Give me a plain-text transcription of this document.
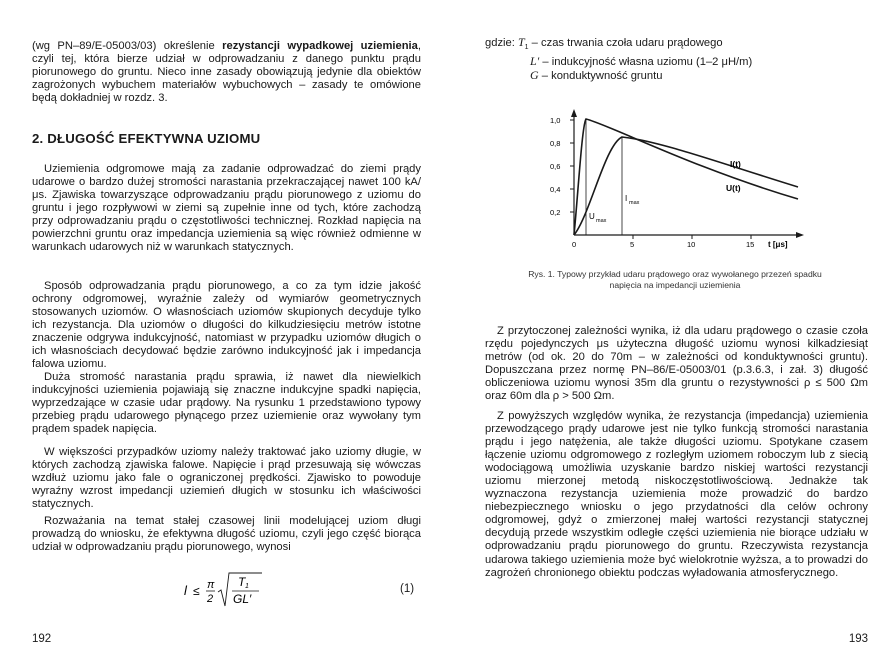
(wg PN–89/E-05003/03) określenie rezystancji wypadkowej uziemienia, czyli tej, która bierze udział w odprowadzaniu z danego punktu prądu piorunowego do gruntu. Nieco inne zasady obowiązują jedynie dla obiektów zagrożonych wybuchem materiałów wybuchowych – zasady te omówione będą dokładniej w rozdz. 3.

2. DŁUGOŚĆ EFEKTYWNA UZIOMU

Uziemienia odgromowe mają za zadanie odprowadzać do ziemi prądy udarowe o bardzo dużej stromości narastania przekraczającej nawet 100 kA/μs. Zjawiska towarzyszące odprowadzaniu prądu piorunowego z uziomu do gruntu i jego rozpływowi w ziemi są zupełnie inne od tych, które zachodzą przy odprowadzaniu prądu o częstotliwości technicznej. Rozkład napięcia na powierzchni gruntu oraz impedancja uziemienia są więc również odmienne w warunkach udarowych niż w warunkach statycznych.

Sposób odprowadzania prądu piorunowego, a co za tym idzie jakość ochrony odgromowej, wyraźnie zależy od wymiarów geometrycznych stosowanych uziomów. O własnościach uziomów skupionych decyduje tylko ich rezystancja. Dla uziomów o długości do kilkudziesięciu metrów istotne znaczenie odgrywa indukcyjność, natomiast w przypadku uziomów długich o ich własnościach decydować będzie zarówno indukcyjność jak i impedancja falowa uziomu.

Duża stromość narastania prądu sprawia, iż nawet dla niewielkich indukcyjności uziemienia pojawiają się znaczne indukcyjne spadki napięcia, wyprzedzające w czasie udar prądowy. Na rysunku 1 przedstawiono typowy przebieg prądu udarowego płynącego przez uziemienie oraz wywołany tym prądem spadek napięcia.

W większości przypadków uziomy należy traktować jako uziomy długie, w których zachodzą zjawiska falowe. Napięcie i prąd przesuwają się wówczas wzdłuż uziomu jako fale o ograniczonej prędkości. Zjawisko to powoduje wyraźny wzrost impedancji uziemień długich w stosunku ich właściwości statycznych.

Rozważania na temat stałej czasowej linii modelującej uziom długi prowadzą do wniosku, że efektywna długość uziomu, czyli jego część biorąca udział w odprowadzaniu prądu piorunowego, wynosi

l ≤ π
2
T 1
GL′
(1)
192
gdzie: $T_1$ – czas trwania czoła udaru prądowego
L′ – indukcyjność własna uziomu (1–2 μH/m)
G – konduktywność gruntu
1,0
0,8
0,6
0,4
0,2
0	5	10	15 t [μs]
I(t)
U(t)
U max
I max
Rys. 1. Typowy przykład udaru prądowego oraz wywołanego przezeń spadku napięcia na impedancji uziemienia

Z przytoczonej zależności wynika, iż dla udaru prądowego o czasie czoła rzędu pojedynczych μs użyteczna długość uziomu wynosi kilkadziesiąt metrów (od ok. 20 do 70m – w zależności od konduktywności gruntu). Dopuszczana przez normę PN–86/E-05003/01 (p.3.6.3, i zał. 3) długość obliczeniowa uziomu wynosi 35m dla gruntu o rezystywności ρ ≤ 500 Ωm oraz 60m dla ρ > 500 Ωm.

Z powyższych względów wynika, że rezystancja (impedancja) uziemienia przewodzącego prądy udarowe jest nie tylko funkcją stromości narastania prądu i jego natężenia, ale także długości uziomu. Spotykane czasem łączenie uziomu odgromowego z rozległym uziomem roboczym lub z siecią wodociągową umożliwia uzyskanie bardzo niskiej wartości rezystancji uziomu mierzonej metodą niskoczęstotliwościową. Jednakże tak wyznaczona rezystancja uziemienia może prowadzić do bardzo niebezpiecznego wniosku o jego przydatności dla celów ochrony odgromowej, gdyż o zmierzonej małej wartości rezystancji statycznej decydują przede wszystkim odległe części uziemienia nie biorące udziału w odprowadzaniu prądu piorunowego do gruntu. Rzeczywista rezystancja udarowa takiego uziemienia może być wielokrotnie wyższa, a to prowadzi do zagrożeń chronionego obiektu podczas wyładowania atmosferycznego.

193
